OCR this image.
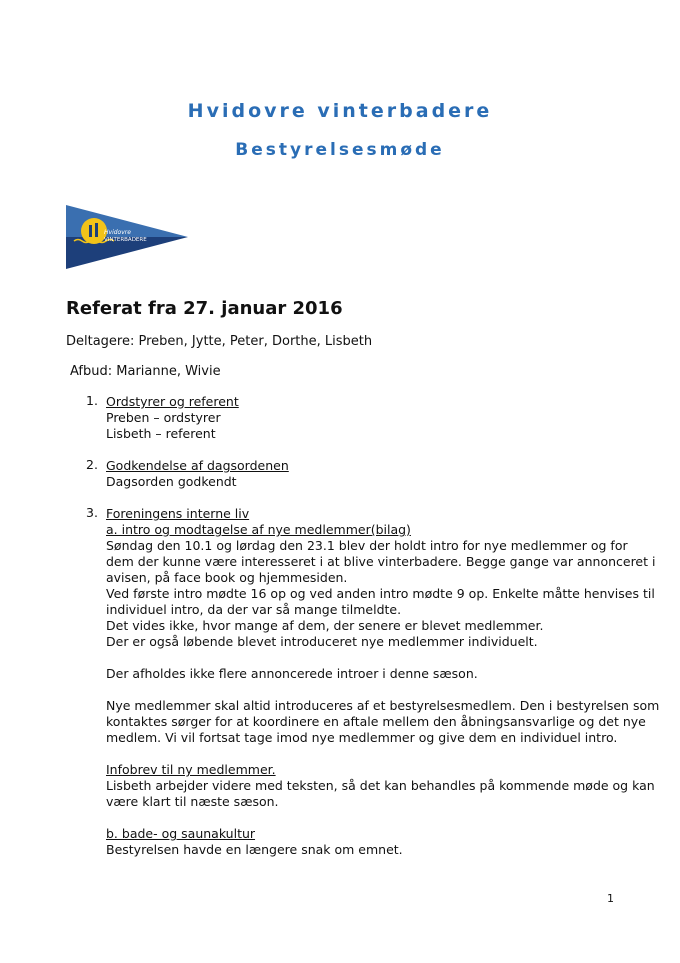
Hvidovre vinterbadere
Bestyrelsesmøde
Hvidovre
VINTERBADERE
Referat fra 27. januar 2016
Deltagere: Preben, Jytte, Peter, Dorthe, Lisbeth
Afbud: Marianne, Wivie
1. Ordstyrer og referent
Preben – ordstyrer
Lisbeth – referent
2. Godkendelse af dagsordenen
Dagsorden godkendt
3. Foreningens interne liv
a. intro og modtagelse af nye medlemmer(bilag)
Søndag den 10.1 og lørdag den 23.1 blev der holdt intro for nye medlemmer og for
dem der kunne være interesseret i at blive vinterbadere. Begge gange var annonceret i
avisen, på face book og hjemmesiden.
Ved første intro mødte 16 op og ved anden intro mødte 9 op. Enkelte måtte henvises til
individuel intro, da der var så mange tilmeldte.
Det vides ikke, hvor mange af dem, der senere er blevet medlemmer.
Der er også løbende blevet introduceret nye medlemmer individuelt.
Der afholdes ikke flere annoncerede introer i denne sæson.
Nye medlemmer skal altid introduceres af et bestyrelsesmedlem. Den i bestyrelsen som
kontaktes sørger for at koordinere en aftale mellem den åbningsansvarlige og det nye
medlem. Vi vil fortsat tage imod nye medlemmer og give dem en individuel intro.
Infobrev til ny medlemmer.
Lisbeth arbejder videre med teksten, så det kan behandles på kommende møde og kan
være klart til næste sæson.
b. bade- og saunakultur
Bestyrelsen havde en længere snak om emnet.
1
